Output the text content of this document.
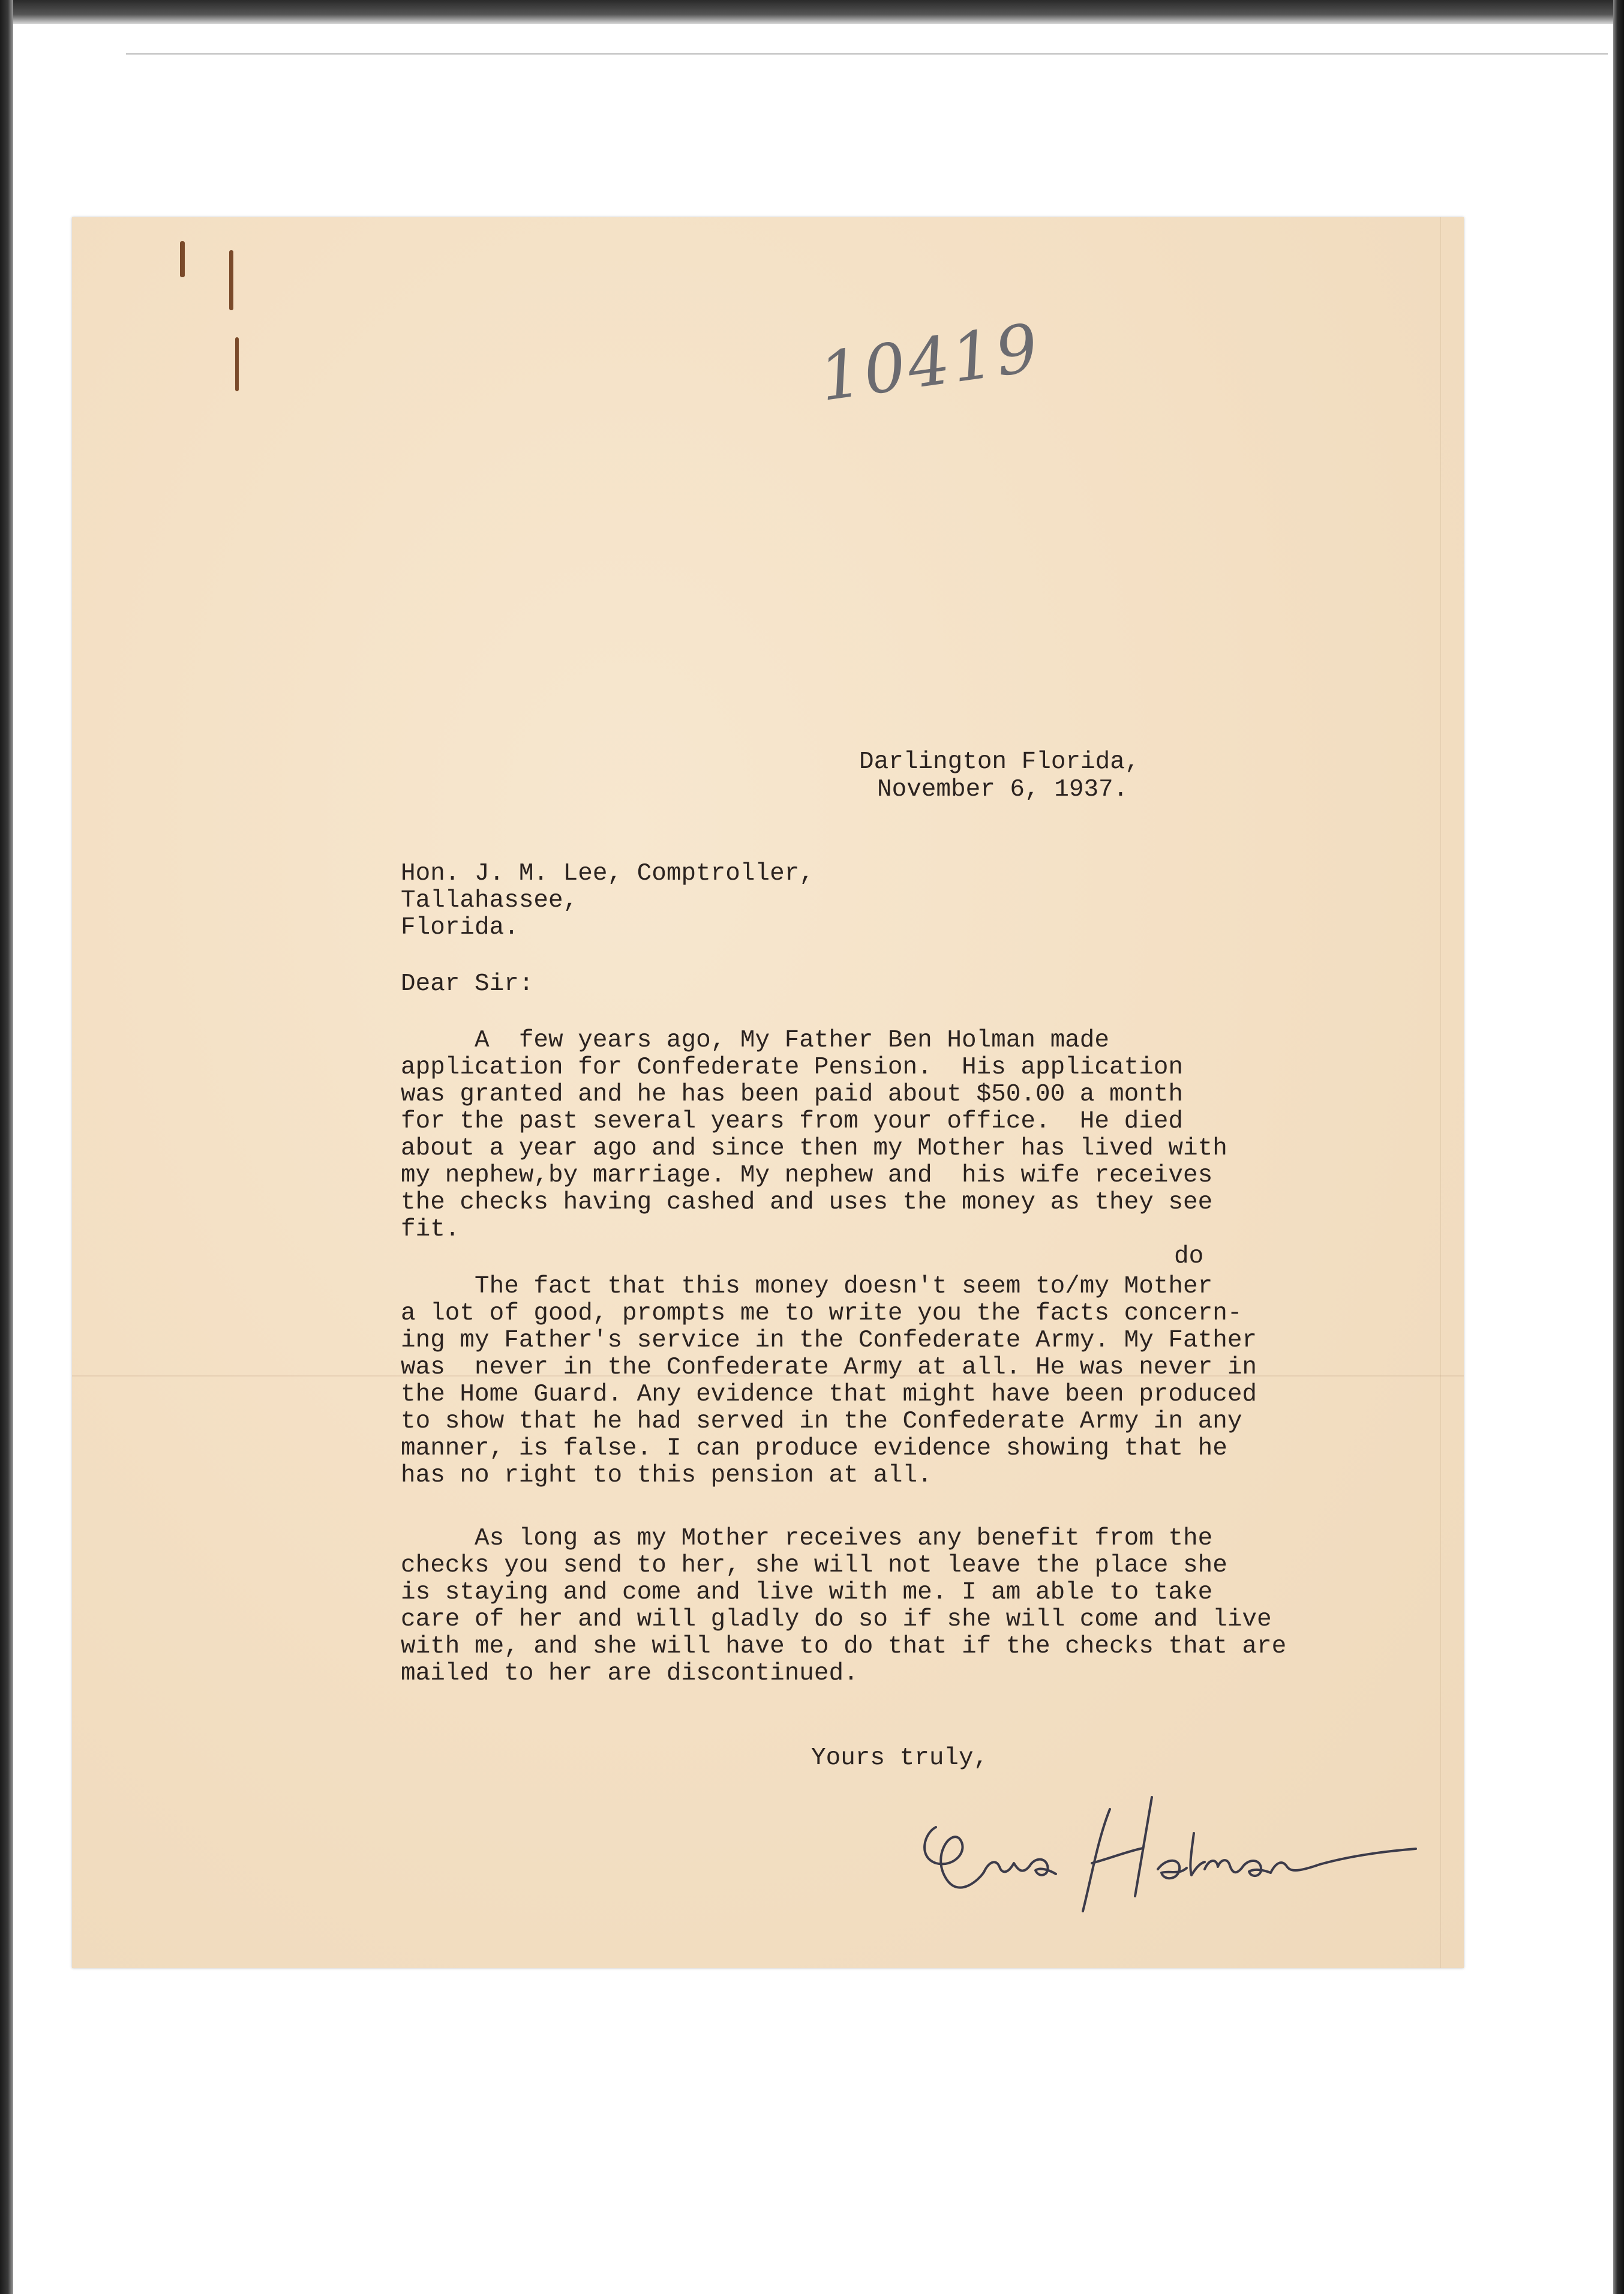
10419

Darlington Florida,

November 6, 1937.

Hon. J. M. Lee, Comptroller,

Tallahassee,

Florida.

Dear Sir:

A  few years ago, My Father Ben Holman made

application for Confederate Pension.  His application

was granted and he has been paid about $50.00 a month

for the past several years from your office.  He died

about a year ago and since then my Mother has lived with

my nephew,by marriage. My nephew and  his wife receives

the checks having cashed and uses the money as they see

fit.

do

The fact that this money doesn't seem to/my Mother

a lot of good, prompts me to write you the facts concern-

ing my Father's service in the Confederate Army. My Father

was  never in the Confederate Army at all. He was never in

the Home Guard. Any evidence that might have been produced

to show that he had served in the Confederate Army in any

manner, is false. I can produce evidence showing that he

has no right to this pension at all.

As long as my Mother receives any benefit from the

checks you send to her, she will not leave the place she

is staying and come and live with me. I am able to take

care of her and will gladly do so if she will come and live

with me, and she will have to do that if the checks that are

mailed to her are discontinued.

Yours truly,
